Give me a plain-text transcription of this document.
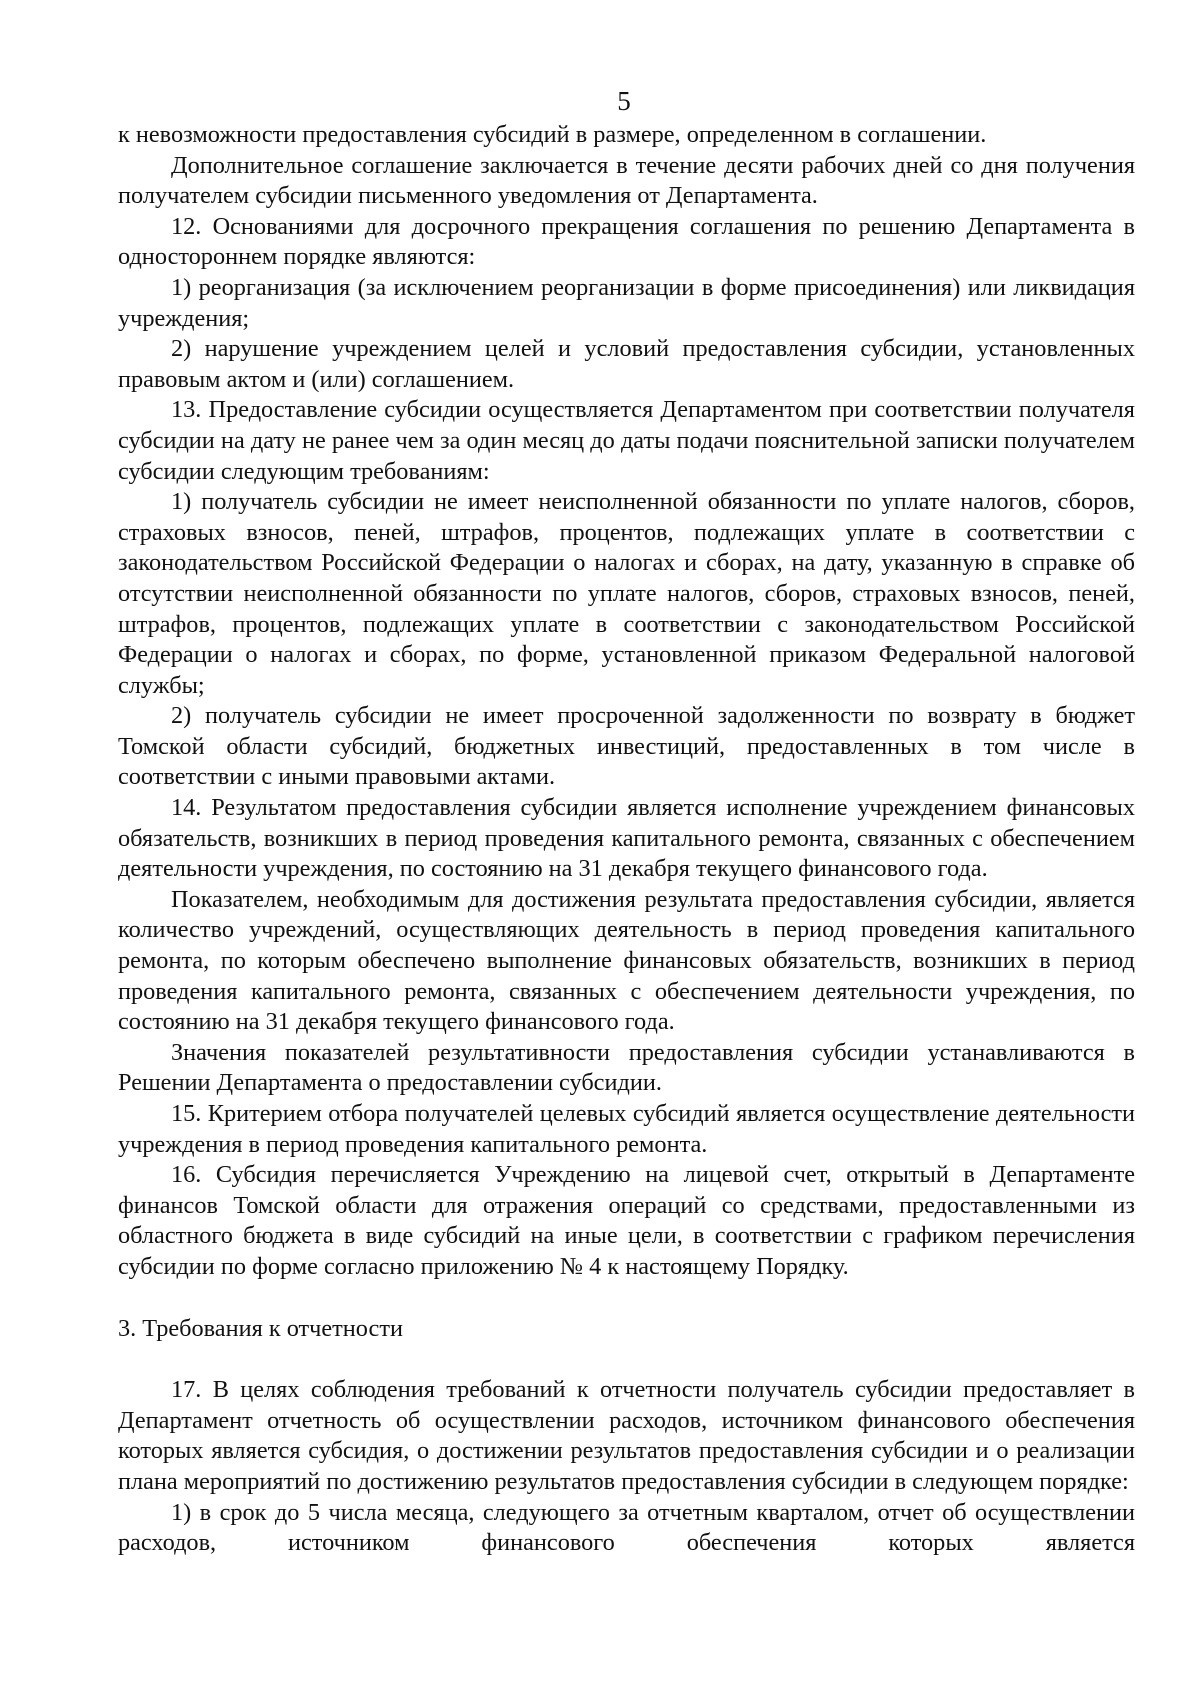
5

к невозможности предоставления субсидий в размере, определенном в соглашении.

Дополнительное соглашение заключается в течение десяти рабочих дней со дня получения получателем субсидии письменного уведомления от Департамента.

12. Основаниями для досрочного прекращения соглашения по решению Департамента в одностороннем порядке являются:

1) реорганизация (за исключением реорганизации в форме присоединения) или ликвидация учреждения;

2) нарушение учреждением целей и условий предоставления субсидии, установленных правовым актом и (или) соглашением.

13. Предоставление субсидии осуществляется Департаментом при соответствии получателя субсидии на дату не ранее чем за один месяц до даты подачи пояснительной записки получателем субсидии следующим требованиям:

1) получатель субсидии не имеет неисполненной обязанности по уплате налогов, сборов, страховых взносов, пеней, штрафов, процентов, подлежащих уплате в соответствии с законодательством Российской Федерации о налогах и сборах, на дату, указанную в справке об отсутствии неисполненной обязанности по уплате налогов, сборов, страховых взносов, пеней, штрафов, процентов, подлежащих уплате в соответствии с законодательством Российской Федерации о налогах и сборах, по форме, установленной приказом Федеральной налоговой службы;

2) получатель субсидии не имеет просроченной задолженности по возврату в бюджет Томской области субсидий, бюджетных инвестиций, предоставленных в том числе в соответствии с иными правовыми актами.

14. Результатом предоставления субсидии является исполнение учреждением финансовых обязательств, возникших в период проведения капитального ремонта, связанных с обеспечением деятельности учреждения, по состоянию на 31 декабря текущего финансового года.

Показателем, необходимым для достижения результата предоставления субсидии, является количество учреждений, осуществляющих деятельность в период проведения капитального ремонта, по которым обеспечено выполнение финансовых обязательств, возникших в период проведения капитального ремонта, связанных с обеспечением деятельности учреждения, по состоянию на 31 декабря текущего финансового года.

Значения показателей результативности предоставления субсидии устанавливаются в Решении Департамента о предоставлении субсидии.

15. Критерием отбора получателей целевых субсидий является осуществление деятельности учреждения в период проведения капитального ремонта.

16. Субсидия перечисляется Учреждению на лицевой счет, открытый в Департаменте финансов Томской области для отражения операций со средствами, предоставленными из областного бюджета в виде субсидий на иные цели, в соответствии с графиком перечисления субсидии по форме согласно приложению № 4 к настоящему Порядку.

3. Требования к отчетности

17. В целях соблюдения требований к отчетности получатель субсидии предоставляет в Департамент отчетность об осуществлении расходов, источником финансового обеспечения которых является субсидия, о достижении результатов предоставления субсидии и о реализации плана мероприятий по достижению результатов предоставления субсидии в следующем порядке:

1) в срок до 5 числа месяца, следующего за отчетным кварталом, отчет об осуществлении расходов, источником финансового обеспечения которых является
